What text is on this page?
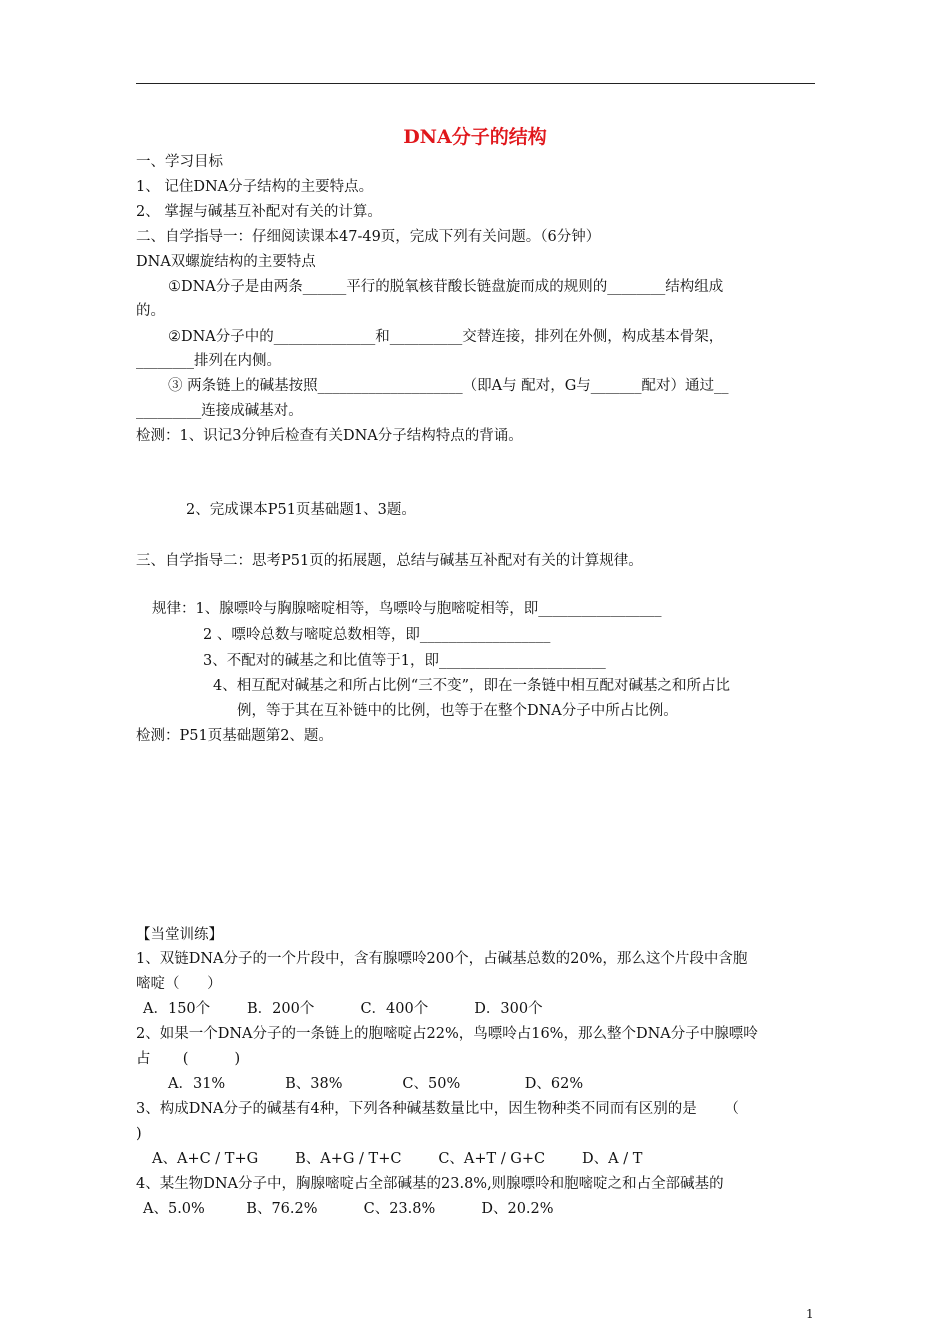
DNA分子的结构
一、学习目标
1、 记住DNA分子结构的主要特点。
2、 掌握与碱基互补配对有关的计算。
二、自学指导一：仔细阅读课本47-49页，完成下列有关问题。（6分钟）
DNA双螺旋结构的主要特点
①DNA分子是由两条______平行的脱氧核苷酸长链盘旋而成的规则的________结构组成
的。
②DNA分子中的______________和__________交替连接，排列在外侧，构成基本骨架，
________排列在内侧。
③ 两条链上的碱基按照____________________（即A与 配对，G与_______配对）通过__
_________连接成碱基对。
检测：1、识记3分钟后检查有关DNA分子结构特点的背诵。
2、完成课本P51页基础题1、3题。
三、自学指导二：思考P51页的拓展题，总结与碱基互补配对有关的计算规律。
规律：1、腺嘌呤与胸腺嘧啶相等，鸟嘌呤与胞嘧啶相等，即_________________
2 、嘌呤总数与嘧啶总数相等，即__________________
3、不配对的碱基之和比值等于1，即_______________________
4、相互配对碱基之和所占比例“三不变”，即在一条链中相互配对碱基之和所占比
例，等于其在互补链中的比例，也等于在整个DNA分子中所占比例。
检测：P51页基础题第2、题。
【当堂训练】
1、双链DNA分子的一个片段中，含有腺嘌呤200个，占碱基总数的20%，那么这个片段中含胞
嘧啶（      ）
A．150个        B．200个          C．400个          D．300个
2、如果一个DNA分子的一条链上的胞嘧啶占22%，鸟嘌呤占16%，那么整个DNA分子中腺嘌呤
占       (          )
A．31%             B、38%             C、50%              D、62%
3、构成DNA分子的碱基有4种，下列各种碱基数量比中，因生物种类不同而有区别的是      （
)
A、A+C / T+G        B、A+G / T+C        C、A+T / G+C        D、A / T
4、某生物DNA分子中，胸腺嘧啶占全部碱基的23.8%,则腺嘌呤和胞嘧啶之和占全部碱基的
A、5.0%         B、76.2%          C、23.8%          D、20.2%
1
